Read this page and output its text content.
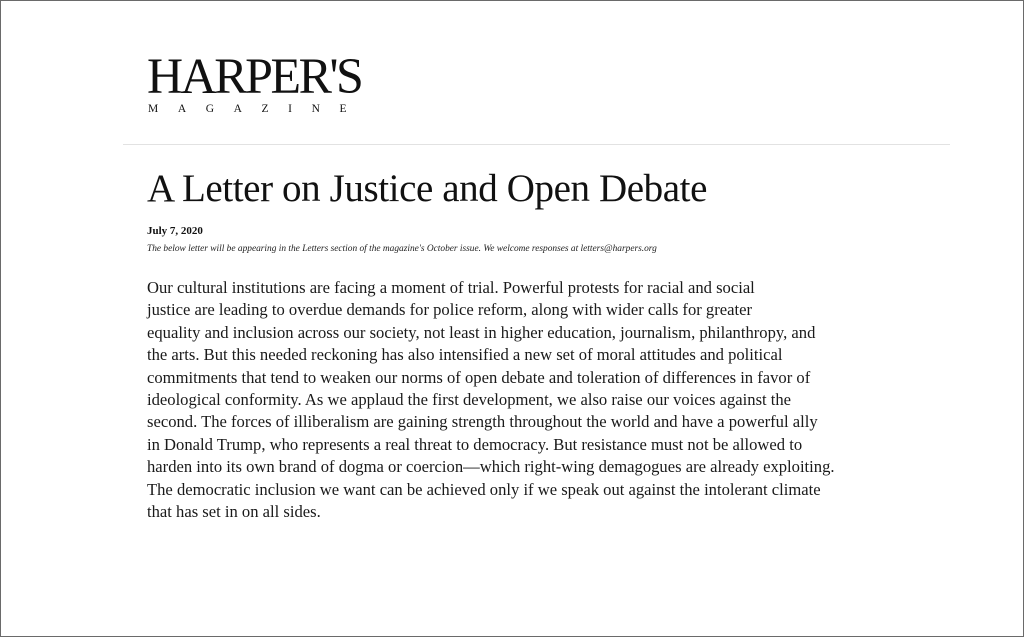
HARPER'S
MAGAZINE
A Letter on Justice and Open Debate
July 7, 2020
The below letter will be appearing in the Letters section of the magazine's October issue. We welcome responses at letters@harpers.org
Our cultural institutions are facing a moment of trial. Powerful protests for racial and social
justice are leading to overdue demands for police reform, along with wider calls for greater
equality and inclusion across our society, not least in higher education, journalism, philanthropy, and
the arts. But this needed reckoning has also intensified a new set of moral attitudes and political
commitments that tend to weaken our norms of open debate and toleration of differences in favor of
ideological conformity. As we applaud the first development, we also raise our voices against the
second. The forces of illiberalism are gaining strength throughout the world and have a powerful ally
in Donald Trump, who represents a real threat to democracy. But resistance must not be allowed to
harden into its own brand of dogma or coercion—which right-wing demagogues are already exploiting.
The democratic inclusion we want can be achieved only if we speak out against the intolerant climate
that has set in on all sides.
